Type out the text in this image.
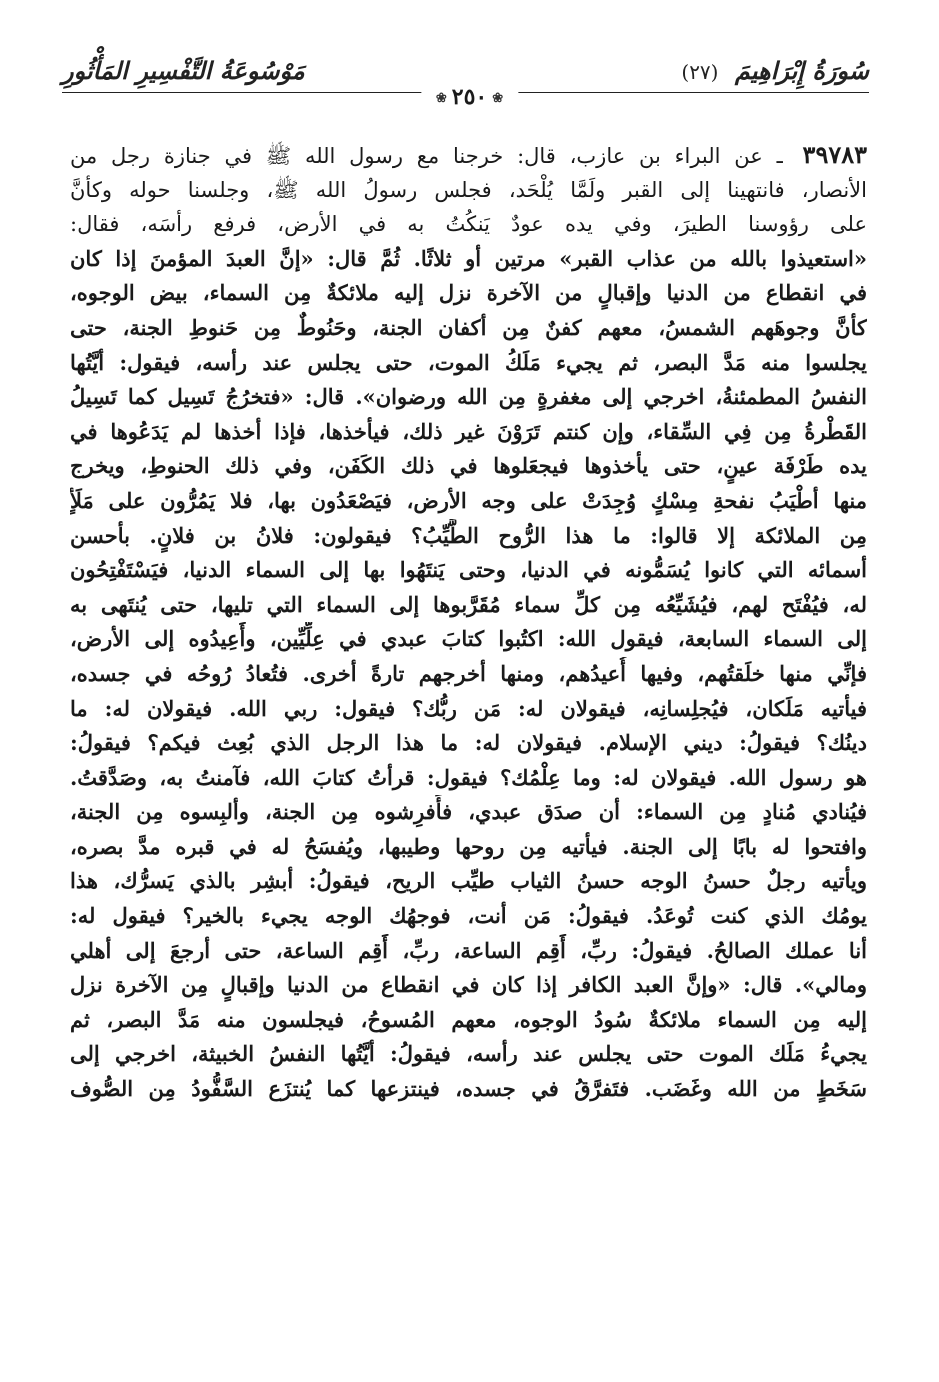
سُورَةُ إِبْرَاهِيمَ (٢٧)
مَوْسُوعَةُ التَّفْسِيرِ المَأْثُورِ
❀٢٥٠❀
٣٩٧٨٣ ـ عن البراء بن عازب، قال: خرجنا مع رسول الله ﷺ في جنازة رجل من
الأنصار، فانتهينا إلى القبر ولَمَّا يُلْحَد، فجلس رسولُ الله ﷺ، وجلسنا حوله وكأنَّ
على رؤوسنا الطيرَ، وفي يده عودٌ يَنكُتُ به في الأرض، فرفع رأسَه، فقال:
«استعيذوا بالله من عذاب القبر» مرتين أو ثلاثًا. ثُمَّ قال: «إنَّ العبدَ المؤمنَ إذا كان
في انقطاع من الدنيا وإقبالٍ من الآخرة نزل إليه ملائكةٌ مِن السماء، بيض الوجوه،
كأنَّ وجوهَهم الشمسُ، معهم كفنٌ مِن أكفان الجنة، وحَنُوطٌ مِن حَنوطِ الجنة، حتى
يجلسوا منه مَدَّ البصر، ثم يجيء مَلَكُ الموت، حتى يجلس عند رأسه، فيقول: أيَّتُها
النفسُ المطمئنةُ، اخرجي إلى مغفرةٍ مِن الله ورضوان». قال: «فتخرُجُ تَسِيل كما تَسِيلُ
القَطْرةُ مِن فِي السِّقاء، وإن كنتم تَرَوْنَ غير ذلك، فيأخذها، فإذا أخذها لم يَدَعُوها في
يده طَرْفَة عينٍ، حتى يأخذوها فيجعَلوها في ذلك الكَفَن، وفي ذلك الحنوطِ، ويخرج
منها أطْيَبُ نفحةِ مِسْكٍ وُجِدَتْ على وجه الأرض، فيَصْعَدُون بها، فلا يَمُرُّون على مَلَأٍ
مِن الملائكة إلا قالوا: ما هذا الرُّوح الطَّيِّبُ؟ فيقولون: فلانُ بن فلانٍ. بأحسن
أسمائه التي كانوا يُسَمُّونه في الدنيا، وحتى يَنتَهُوا بها إلى السماء الدنيا، فيَسْتَفْتِحُون
له، فيُفْتَح لهم، فيُشَيِّعُه مِن كلِّ سماء مُقَرَّبوها إلى السماء التي تليها، حتى يُنتَهى به
إلى السماء السابعة، فيقول الله: اكتُبوا كتابَ عبدي في عِلِّيِّين، وأَعِيدُوه إلى الأرض،
فإنِّي منها خلَقتُهم، وفيها أُعيدُهم، ومنها أخرجهم تارةً أخرى. فتُعادُ رُوحُه في جسده،
فيأتيه مَلَكان، فيُجلِسانِه، فيقولان له: مَن ربُّك؟ فيقول: ربي الله. فيقولان له: ما
دينُك؟ فيقولُ: ديني الإسلام. فيقولان له: ما هذا الرجل الذي بُعِث فيكم؟ فيقولُ:
هو رسول الله. فيقولان له: وما عِلْمُك؟ فيقول: قرأتُ كتابَ الله، فآمنتُ به، وصَدَّقتُ.
فيُنادي مُنادٍ مِن السماء: أن صدَق عبدي، فأَفرِشوه مِن الجنة، وألبِسوه مِن الجنة،
وافتحوا له بابًا إلى الجنة. فيأتيه مِن روحها وطيبها، ويُفسَحُ له في قبره مدَّ بصره،
ويأتيه رجلٌ حسنُ الوجه حسنُ الثياب طيِّب الريح، فيقولُ: أبشِر بالذي يَسرُّك، هذا
يومُك الذي كنت تُوعَدُ. فيقولُ: مَن أنت، فوجهُك الوجه يجيء بالخير؟ فيقول له:
أنا عملك الصالحُ. فيقولُ: ربِّ، أَقِم الساعة، ربِّ، أَقِم الساعة، حتى أرجعَ إلى أهلي
ومالي». قال: «وإنَّ العبد الكافر إذا كان في انقطاع من الدنيا وإقبالٍ مِن الآخرة نزل
إليه مِن السماء ملائكةٌ سُودُ الوجوه، معهم المُسوحُ، فيجلسون منه مَدَّ البصر، ثم
يجيءُ مَلَك الموت حتى يجلس عند رأسه، فيقولُ: أيَّتُها النفسُ الخبيثة، اخرجي إلى
سَخَطٍ من الله وغَضَب. فتَفرَّقُ في جسده، فينتزعها كما يُنتزَع السَّفُّودُ مِن الصُّوف
